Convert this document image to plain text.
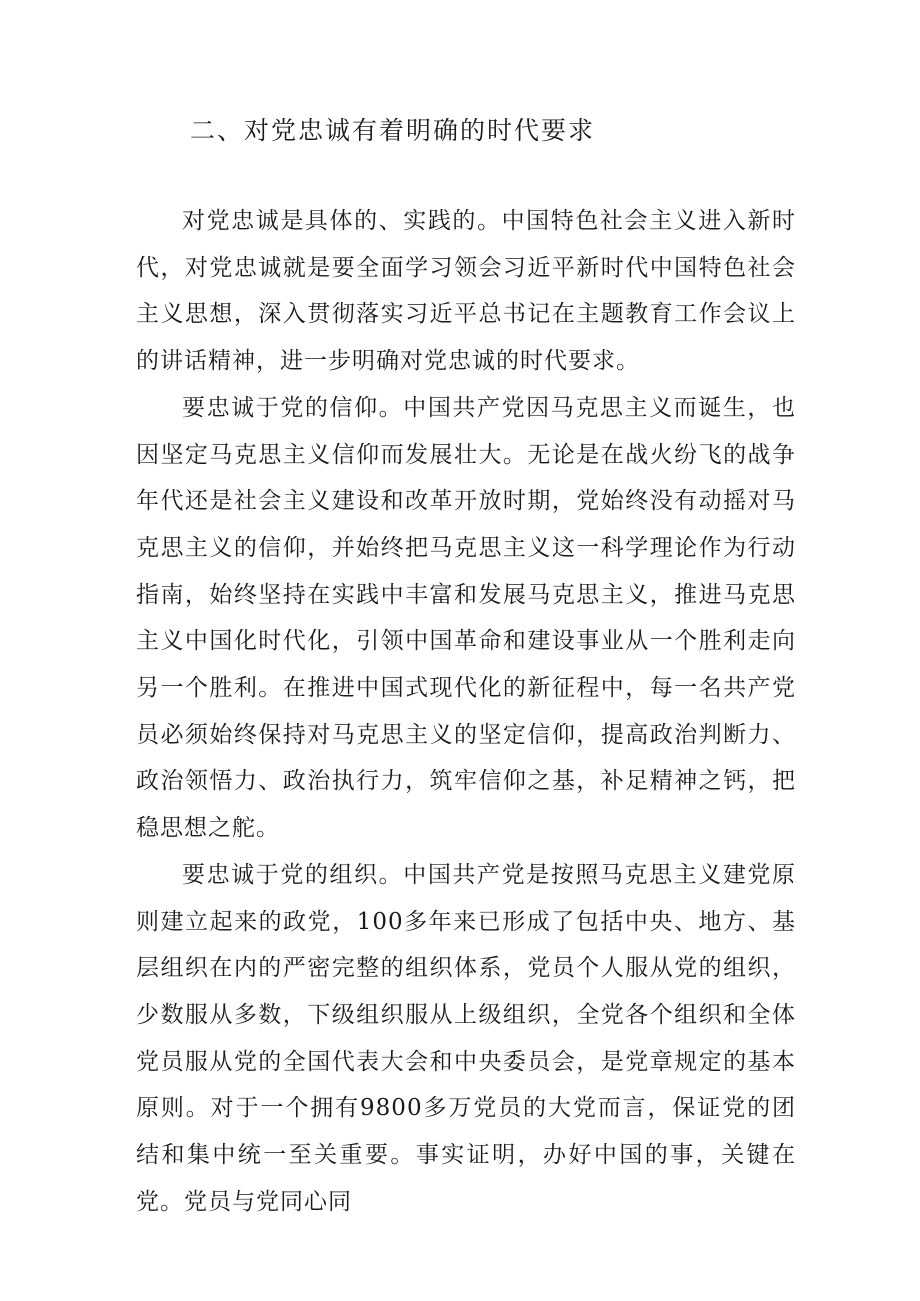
二、对党忠诚有着明确的时代要求

对党忠诚是具体的、实践的。中国特色社会主义进入新时代，对党忠诚就是要全面学习领会习近平新时代中国特色社会主义思想，深入贯彻落实习近平总书记在主题教育工作会议上的讲话精神，进一步明确对党忠诚的时代要求。

要忠诚于党的信仰。中国共产党因马克思主义而诞生，也因坚定马克思主义信仰而发展壮大。无论是在战火纷飞的战争年代还是社会主义建设和改革开放时期，党始终没有动摇对马克思主义的信仰，并始终把马克思主义这一科学理论作为行动指南，始终坚持在实践中丰富和发展马克思主义，推进马克思主义中国化时代化，引领中国革命和建设事业从一个胜利走向另一个胜利。在推进中国式现代化的新征程中，每一名共产党员必须始终保持对马克思主义的坚定信仰，提高政治判断力、政治领悟力、政治执行力，筑牢信仰之基，补足精神之钙，把稳思想之舵。

要忠诚于党的组织。中国共产党是按照马克思主义建党原则建立起来的政党，100多年来已形成了包括中央、地方、基层组织在内的严密完整的组织体系，党员个人服从党的组织，少数服从多数，下级组织服从上级组织，全党各个组织和全体党员服从党的全国代表大会和中央委员会，是党章规定的基本原则。对于一个拥有9800多万党员的大党而言，保证党的团结和集中统一至关重要。事实证明，办好中国的事，关键在党。党员与党同心同
